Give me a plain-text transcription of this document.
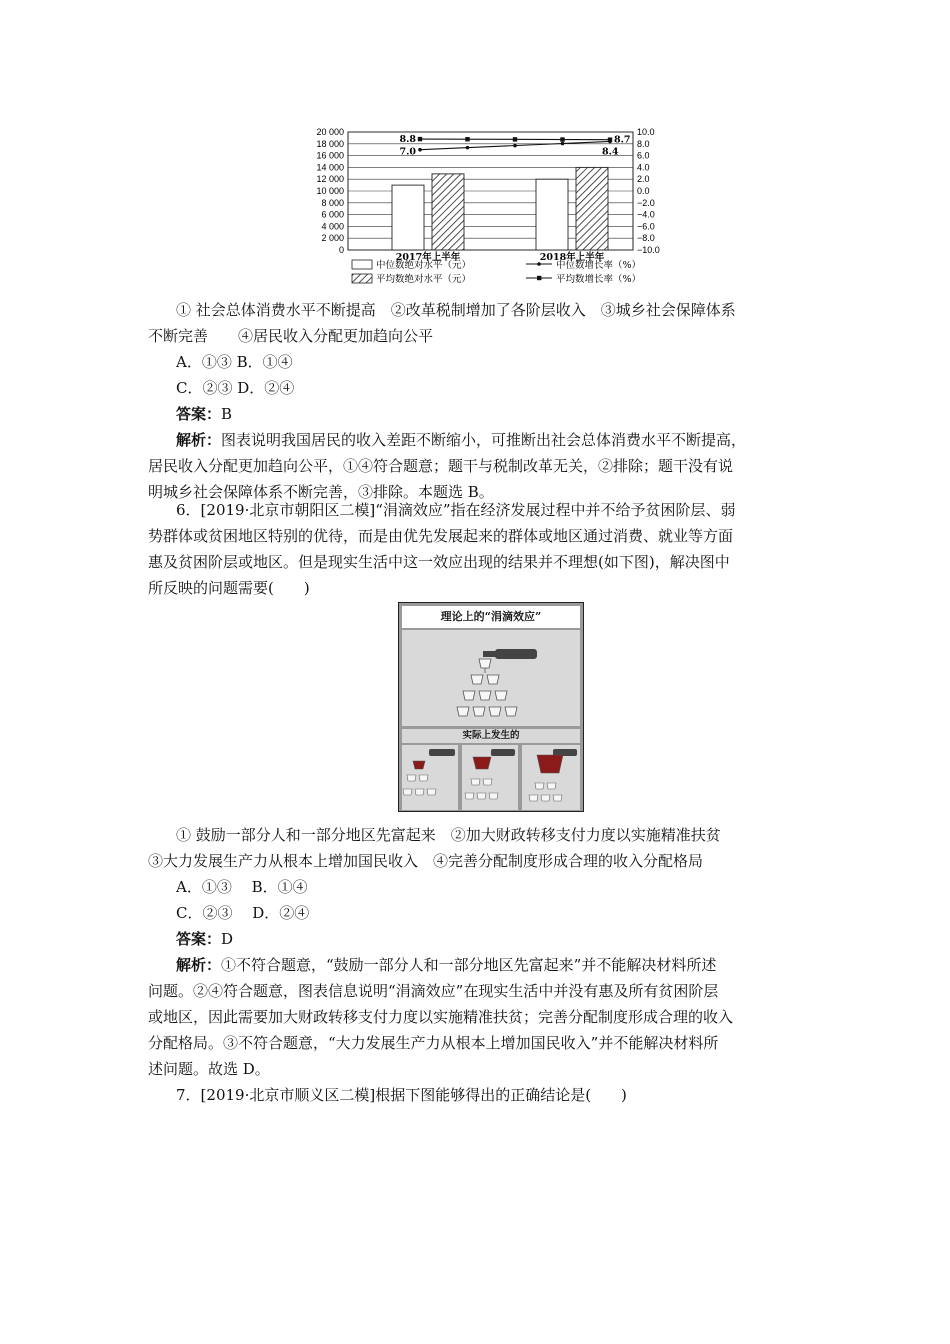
20 000	10.0
18 000	8.0
16 000	6.0
14 000	4.0
12 000	2.0
10 000	0.0
8 000	−2.0
6 000	−4.0
4 000	−6.0
2 000	−8.0
0	−10.0
2017年上半年	2018年上半年
8.8
7.0
8.7
8.4
中位数绝对水平（元）
平均数绝对水平（元）
中位数增长率（%）
平均数增长率（%）

① 社会总体消费水平不断提高　②改革税制增加了各阶层收入　③城乡社会保障体系

不断完善　　④居民收入分配更加趋向公平

A．①③ B．①④

C．②③ D．②④

答案：B

解析：图表说明我国居民的收入差距不断缩小，可推断出社会总体消费水平不断提高，

居民收入分配更加趋向公平，①④符合题意；题干与税制改革无关，②排除；题干没有说

明城乡社会保障体系不断完善，③排除。本题选 B。

6．[2019·北京市朝阳区二模]“涓滴效应”指在经济发展过程中并不给予贫困阶层、弱

势群体或贫困地区特别的优待，而是由优先发展起来的群体或地区通过消费、就业等方面

惠及贫困阶层或地区。但是现实生活中这一效应出现的结果并不理想(如下图)，解决图中

所反映的问题需要(　　)

理论上的“涓滴效应”
实际上发生的

① 鼓励一部分人和一部分地区先富起来　②加大财政转移支付力度以实施精准扶贫

③大力发展生产力从根本上增加国民收入　④完善分配制度形成合理的收入分配格局

A．①③　 B．①④

C．②③　 D．②④

答案：D

解析：①不符合题意，“鼓励一部分人和一部分地区先富起来”并不能解决材料所述

问题。②④符合题意，图表信息说明“涓滴效应”在现实生活中并没有惠及所有贫困阶层

或地区，因此需要加大财政转移支付力度以实施精准扶贫；完善分配制度形成合理的收入

分配格局。③不符合题意，“大力发展生产力从根本上增加国民收入”并不能解决材料所

述问题。故选 D。

7．[2019·北京市顺义区二模]根据下图能够得出的正确结论是(　　)
